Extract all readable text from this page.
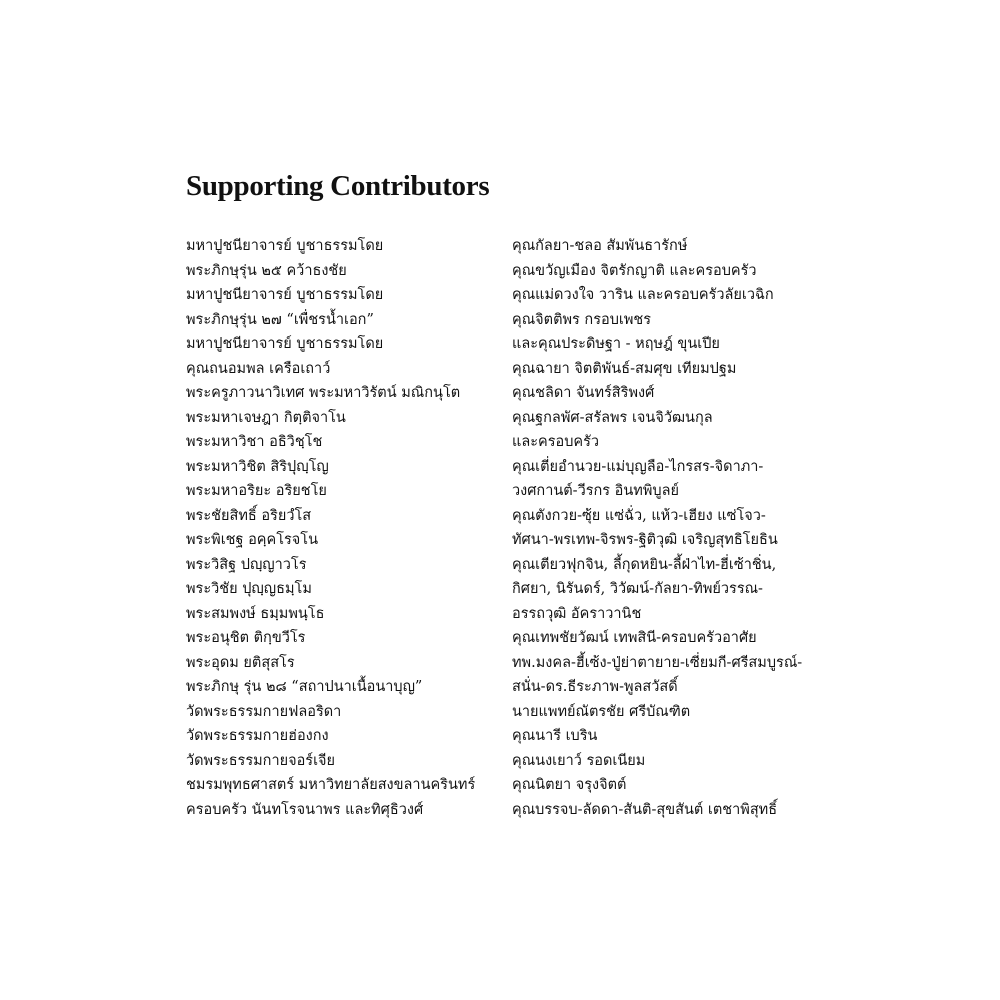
Supporting Contributors
มหาปูชนียาจารย์ บูชาธรรมโดย
พระภิกษุรุ่น ๒๕ คว้าธงชัย
มหาปูชนียาจารย์ บูชาธรรมโดย
พระภิกษุรุ่น ๒๗ “เพื่ชรน้ำเอก”
มหาปูชนียาจารย์ บูชาธรรมโดย
คุณถนอมพล เครือเถาว์
พระครูภาวนาวิเทศ พระมหาวิรัตน์ มณิกนุโต
พระมหาเจษฎา กิตฺติจาโน
พระมหาวิชา อธิวิชฺโช
พระมหาวิชิต สิริปุญฺโญ
พระมหาอริยะ อริยชโย
พระชัยสิทธิ์ อริยวํโส
พระพิเชฐ อคฺคโรจโน
พระวิสิฐ ปญฺญาวโร
พระวิชัย ปุญฺญธมฺโม
พระสมพงษ์ ธมฺมพนฺโธ
พระอนุชิต ติกฺขวีโร
พระอุดม ยติสุสโร
พระภิกษุ รุ่น ๒๘ “สถาปนาเนื้อนาบุญ”
วัดพระธรรมกายฟลอริดา
วัดพระธรรมกายฮ่องกง
วัดพระธรรมกายจอร์เจีย
ชมรมพุทธศาสตร์ มหาวิทยาลัยสงขลานครินทร์
ครอบครัว นันทโรจนาพร และทิศุธิวงศ์
คุณกัลยา-ชลอ สัมพันธารักษ์
คุณขวัญเมือง จิตรักญาติ และครอบครัว
คุณแม่ดวงใจ วาริน และครอบครัวลัยเวฉิก
คุณจิตติพร กรอบเพชร
และคุณประดิษฐา - หฤษฎ์ ขุนเปีย
คุณฉายา จิตติพันธ์-สมศุข เทียมปฐม
คุณชลิดา จันทร์สิริพงศ์
คุณฐกลพัศ-สรัลพร เจนจิวัฒนกุล
และครอบครัว
คุณเตี่ยอำนวย-แม่บุญลือ-ไกรสร-จิดาภา-
วงศกานต์-วีรกร อินทพิบูลย์
คุณตังกวย-ซุ้ย แซ่ฉั่ว, แห้ว-เฮียง แซ่โจว-
ทัศนา-พรเทพ-จิรพร-ฐิติวุฒิ เจริญสุทธิโยธิน
คุณเตียวฟุกจิน, ลี้กุดหยิน-ลี้ฝ่าไท-ฮี่เซ้าชิ่น,
กิศยา, นิรันดร์, วิวัฒน์-กัลยา-ทิพย์วรรณ-
อรรถวุฒิ อัคราวานิช
คุณเทพชัยวัฒน์ เทพสินี-ครอบครัวอาศัย
ทพ.มงคล-ฮี้เซ้ง-ปู่ย่าตายาย-เซี่ยมกี-ศรีสมบูรณ์-
สนั่น-ดร.ธีระภาพ-พูลสวัสดิ์
นายแพทย์ณัตรชัย ศรีบัณฑิต
คุณนารี เบริน
คุณนงเยาว์ รอดเนียม
คุณนิตยา จรุงจิตต์
คุณบรรจบ-ลัดดา-สันติ-สุขสันต์ เตชาพิสุทธิ์
